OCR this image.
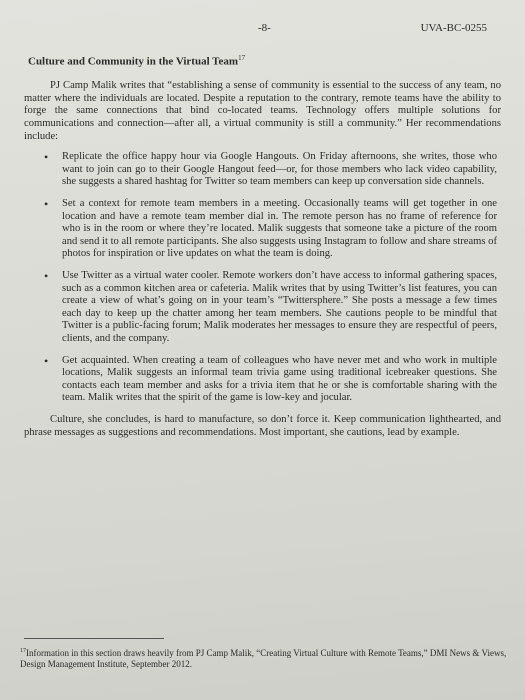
-8-	UVA-BC-0255
Culture and Community in the Virtual Team$^{17}$

PJ Camp Malik writes that “establishing a sense of community is essential to the success of any team, no matter where the individuals are located. Despite a reputation to the contrary, remote teams have the ability to forge the same connections that bind co-located teams. Technology offers multiple solutions for communications and connection—after all, a virtual community is still a community.” Her recommendations include:

• Replicate the office happy hour via Google Hangouts. On Friday afternoons, she writes, those who want to join can go to their Google Hangout feed—or, for those members who lack video capability, she suggests a shared hashtag for Twitter so team members can keep up conversation side channels.
• Set a context for remote team members in a meeting. Occasionally teams will get together in one location and have a remote team member dial in. The remote person has no frame of reference for who is in the room or where they’re located. Malik suggests that someone take a picture of the room and send it to all remote participants. She also suggests using Instagram to follow and share streams of photos for inspiration or live updates on what the team is doing.
• Use Twitter as a virtual water cooler. Remote workers don’t have access to informal gathering spaces, such as a common kitchen area or cafeteria. Malik writes that by using Twitter’s list features, you can create a view of what’s going on in your team’s “Twittersphere.” She posts a message a few times each day to keep up the chatter among her team members. She cautions people to be mindful that Twitter is a public-facing forum; Malik moderates her messages to ensure they are respectful of peers, clients, and the company.
• Get acquainted. When creating a team of colleagues who have never met and who work in multiple locations, Malik suggests an informal team trivia game using traditional icebreaker questions. She contacts each team member and asks for a trivia item that he or she is comfortable sharing with the team. Malik writes that the spirit of the game is low-key and jocular.

Culture, she concludes, is hard to manufacture, so don’t force it. Keep communication lighthearted, and phrase messages as suggestions and recommendations. Most important, she cautions, lead by example.

$^{17}$Information in this section draws heavily from PJ Camp Malik, “Creating Virtual Culture with Remote Teams,” DMI News & Views, Design Management Institute, September 2012.
